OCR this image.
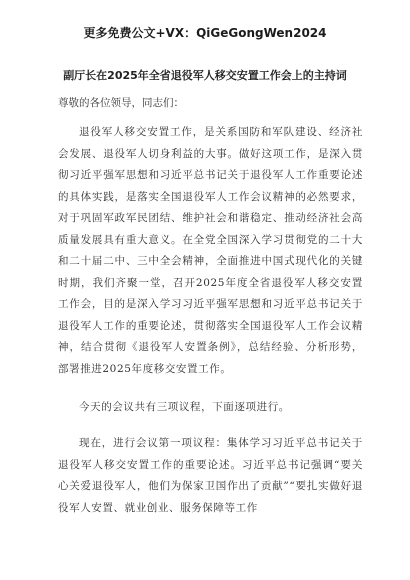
更多免费公文+VX：QiGeGongWen2024
副厅长在2025年全省退役军人移交安置工作会上的主持词
尊敬的各位领导，同志们：

退役军人移交安置工作，是关系国防和军队建设、经济社会发展、退役军人切身利益的大事。做好这项工作，是深入贯彻习近平强军思想和习近平总书记关于退役军人工作重要论述的具体实践，是落实全国退役军人工作会议精神的必然要求，对于巩固军政军民团结、维护社会和谐稳定、推动经济社会高质量发展具有重大意义。在全党全国深入学习贯彻党的二十大和二十届二中、三中全会精神，全面推进中国式现代化的关键时期，我们齐聚一堂，召开2025年度全省退役军人移交安置工作会，目的是深入学习习近平强军思想和习近平总书记关于退役军人工作的重要论述，贯彻落实全国退役军人工作会议精神，结合贯彻《退役军人安置条例》，总结经验、分析形势，部署推进2025年度移交安置工作。

今天的会议共有三项议程，下面逐项进行。

现在，进行会议第一项议程：集体学习习近平总书记关于退役军人移交安置工作的重要论述。习近平总书记强调“要关心关爱退役军人，他们为保家卫国作出了贡献”“要扎实做好退役军人安置、就业创业、服务保障等工作
